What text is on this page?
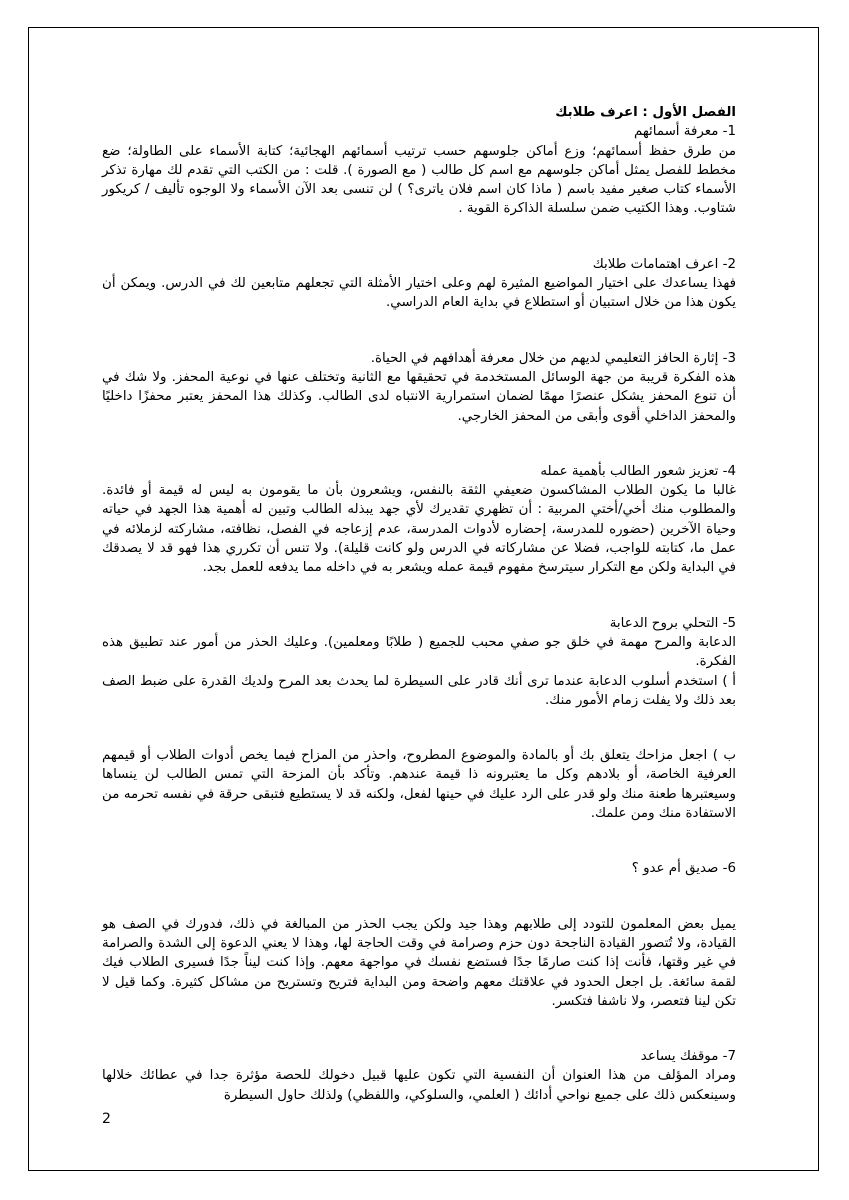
الفصل الأول : اعرف طلابك
1- معرفة أسمائهم

من طرق حفظ أسمائهم؛ وزع أماكن جلوسهم حسب ترتيب أسمائهم الهجائية؛ كتابة الأسماء على الطاولة؛ ضع مخطط للفصل يمثل أماكن جلوسهم مع اسم كل طالب ( مع الصورة ). قلت : من الكتب التي تقدم لك مهارة تذكر الأسماء كتاب صغير مفيد باسم ( ماذا كان اسم فلان ياترى؟ ) لن تنسى بعد الآن الأسماء ولا الوجوه تأليف / كريكور شتاوب. وهذا الكتيب ضمن سلسلة الذاكرة القوية .

2- اعرف اهتمامات طلابك

فهذا يساعدك على اختيار المواضيع المثيرة لهم وعلى اختيار الأمثلة التي تجعلهم متابعين لك في الدرس. ويمكن أن يكون هذا من خلال استبيان أو استطلاع في بداية العام الدراسي.

3- إثارة الحافز التعليمي لديهم من خلال معرفة أهدافهم في الحياة.

هذه الفكرة قريبة من جهة الوسائل المستخدمة في تحقيقها مع الثانية وتختلف عنها في نوعية المحفز. ولا شك في أن تنوع المحفز يشكل عنصرًا مهمًا لضمان استمرارية الانتباه لدى الطالب. وكذلك هذا المحفز يعتبر محفزًا داخليًا والمحفز الداخلي أقوى وأبقى من المحفز الخارجي.

4- تعزيز شعور الطالب بأهمية عمله

غالبا ما يكون الطلاب المشاكسون ضعيفي الثقة بالنفس، ويشعرون بأن ما يقومون به ليس له قيمة أو فائدة. والمطلوب منك أخي/أختي المربية : أن تظهري تقديرك لأي جهد يبذله الطالب وتبين له أهمية هذا الجهد في حياته وحياة الآخرين (حضوره للمدرسة، إحضاره لأدوات المدرسة، عدم إزعاجه في الفصل، نظافته، مشاركته لزملائه في عمل ما، كتابته للواجب، فضلا عن مشاركاته في الدرس ولو كانت قليلة). ولا تنس أن تكرري هذا فهو قد لا يصدقك في البداية ولكن مع التكرار سيترسخ مفهوم قيمة عمله ويشعر به في داخله مما يدفعه للعمل بجد.

5- التحلي بروح الدعابة

الدعابة والمرح مهمة في خلق جو صفي محبب للجميع ( طلابًا ومعلمين). وعليك الحذر من أمور عند تطبيق هذه الفكرة.

أ ) استخدم أسلوب الدعابة عندما ترى أنك قادر على السيطرة لما يحدث بعد المرح ولديك القدرة على ضبط الصف بعد ذلك ولا يفلت زمام الأمور منك.

ب ) اجعل مزاحك يتعلق بك أو بالمادة والموضوع المطروح، واحذر من المزاح فيما يخص أدوات الطلاب أو قيمهم العرفية الخاصة، أو بلادهم وكل ما يعتبرونه ذا قيمة عندهم. وتأكد بأن المزحة التي تمس الطالب لن ينساها وسيعتبرها طعنة منك ولو قدر على الرد عليك في حينها لفعل، ولكنه قد لا يستطيع فتبقى حرقة في نفسه تحرمه من الاستفادة منك ومن علمك.

6- صديق أم عدو ؟

يميل بعض المعلمون للتودد إلى طلابهم وهذا جيد ولكن يجب الحذر من المبالغة في ذلك، فدورك في الصف هو القيادة، ولا تُتصور القيادة الناجحة دون حزم وصرامة في وقت الحاجة لها، وهذا لا يعني الدعوة إلى الشدة والصرامة في غير وقتها، فأنت إذا كنت صارمًا جدًا فستضع نفسك في مواجهة معهم. وإذا كنت ليناً جدًا فسيرى الطلاب فيك لقمة سائغة. بل اجعل الحدود في علاقتك معهم واضحة ومن البداية فتريح وتستريح من مشاكل كثيرة. وكما قيل لا تكن لينا فتعصر، ولا ناشفا فتكسر.

7- موقفك يساعد

ومراد المؤلف من هذا العنوان أن النفسية التي تكون عليها قبيل دخولك للحصة مؤثرة جدا في عطائك خلالها وسينعكس ذلك على جميع نواحي أدائك ( العلمي، والسلوكي، واللفظي) ولذلك حاول السيطرة

2
